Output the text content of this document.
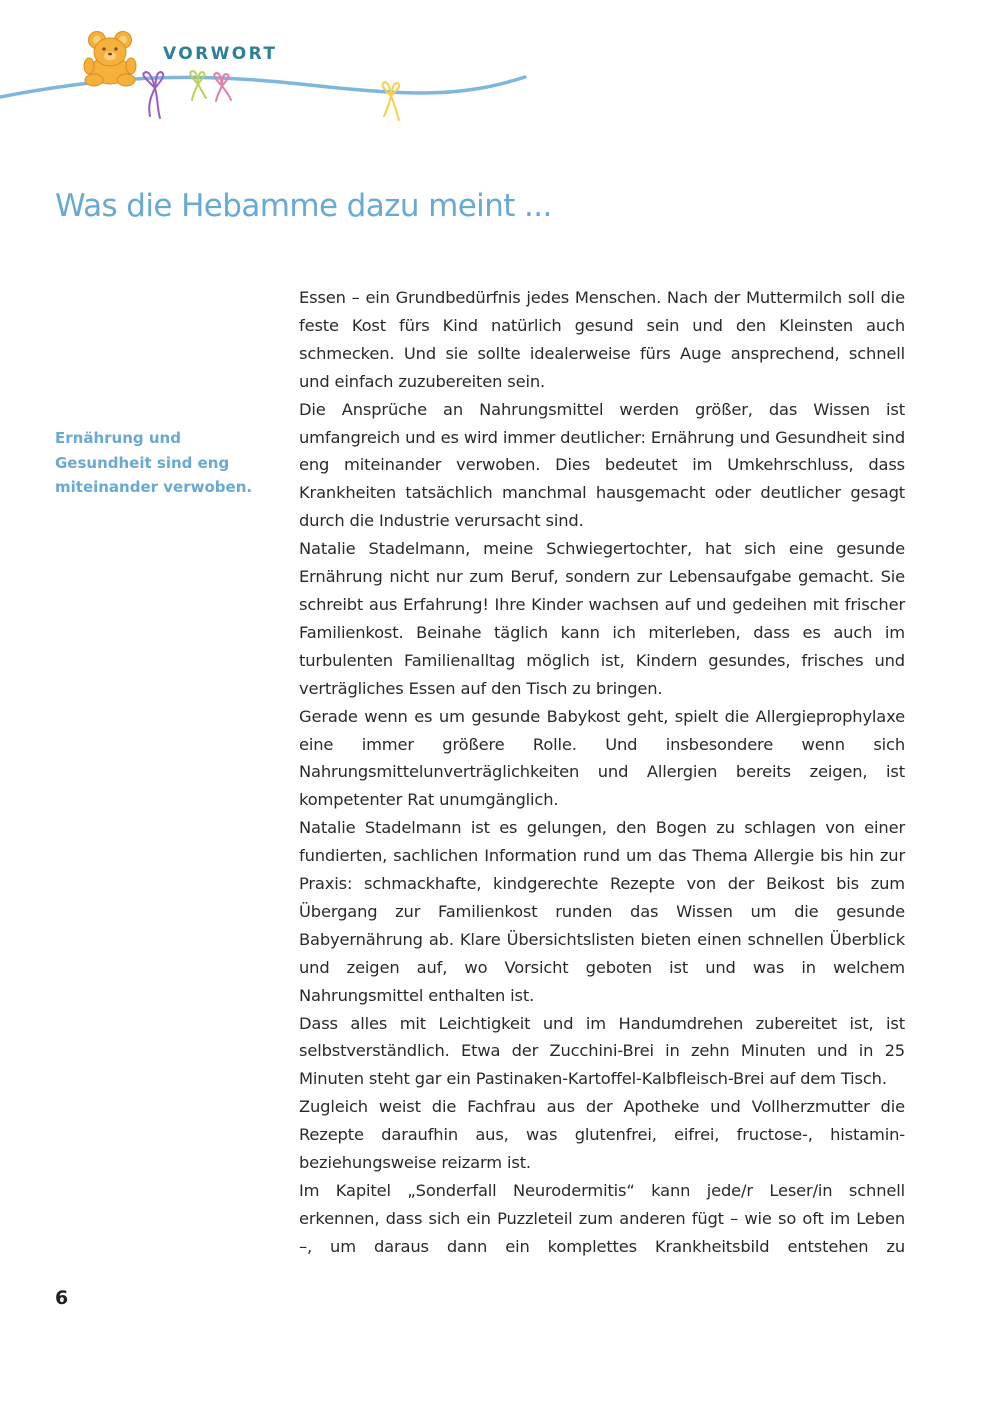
VORWORT
Was die Hebamme dazu meint ...

Ernährung und Gesundheit sind eng miteinander verwoben.

Essen – ein Grundbedürfnis jedes Menschen. Nach der Muttermilch soll die feste Kost fürs Kind natürlich gesund sein und den Kleinsten auch schmecken. Und sie sollte idealerweise fürs Auge ansprechend, schnell und einfach zuzubereiten sein.

Die Ansprüche an Nahrungsmittel werden größer, das Wissen ist umfangreich und es wird immer deutlicher: Ernährung und Gesundheit sind eng miteinander verwoben. Dies bedeutet im Umkehrschluss, dass Krankheiten tatsächlich manchmal hausgemacht oder deutlicher gesagt durch die Industrie verursacht sind.

Natalie Stadelmann, meine Schwiegertochter, hat sich eine gesunde Ernährung nicht nur zum Beruf, sondern zur Lebensaufgabe gemacht. Sie schreibt aus Erfahrung! Ihre Kinder wachsen auf und gedeihen mit frischer Familienkost. Beinahe täglich kann ich miterleben, dass es auch im turbulenten Familienalltag möglich ist, Kindern gesundes, frisches und verträgliches Essen auf den Tisch zu bringen.

Gerade wenn es um gesunde Babykost geht, spielt die Allergieprophylaxe eine immer größere Rolle. Und insbesondere wenn sich Nahrungsmittelunverträglichkeiten und Allergien bereits zeigen, ist kompetenter Rat unumgänglich.

Natalie Stadelmann ist es gelungen, den Bogen zu schlagen von einer fundierten, sachlichen Information rund um das Thema Allergie bis hin zur Praxis: schmackhafte, kindgerechte Rezepte von der Beikost bis zum Übergang zur Familienkost runden das Wissen um die gesunde Babyernährung ab. Klare Übersichtslisten bieten einen schnellen Überblick und zeigen auf, wo Vorsicht geboten ist und was in welchem Nahrungsmittel enthalten ist.

Dass alles mit Leichtigkeit und im Handumdrehen zubereitet ist, ist selbstverständlich. Etwa der Zucchini-Brei in zehn Minuten und in 25 Minuten steht gar ein Pastinaken-Kartoffel-Kalbfleisch-Brei auf dem Tisch.

Zugleich weist die Fachfrau aus der Apotheke und Vollherzmutter die Rezepte daraufhin aus, was glutenfrei, eifrei, fructose-, histamin- beziehungsweise reizarm ist.

Im Kapitel „Sonderfall Neurodermitis“ kann jede/r Leser/in schnell erkennen, dass sich ein Puzzleteil zum anderen fügt – wie so oft im Leben –, um daraus dann ein komplettes Krankheitsbild entstehen zu

6
